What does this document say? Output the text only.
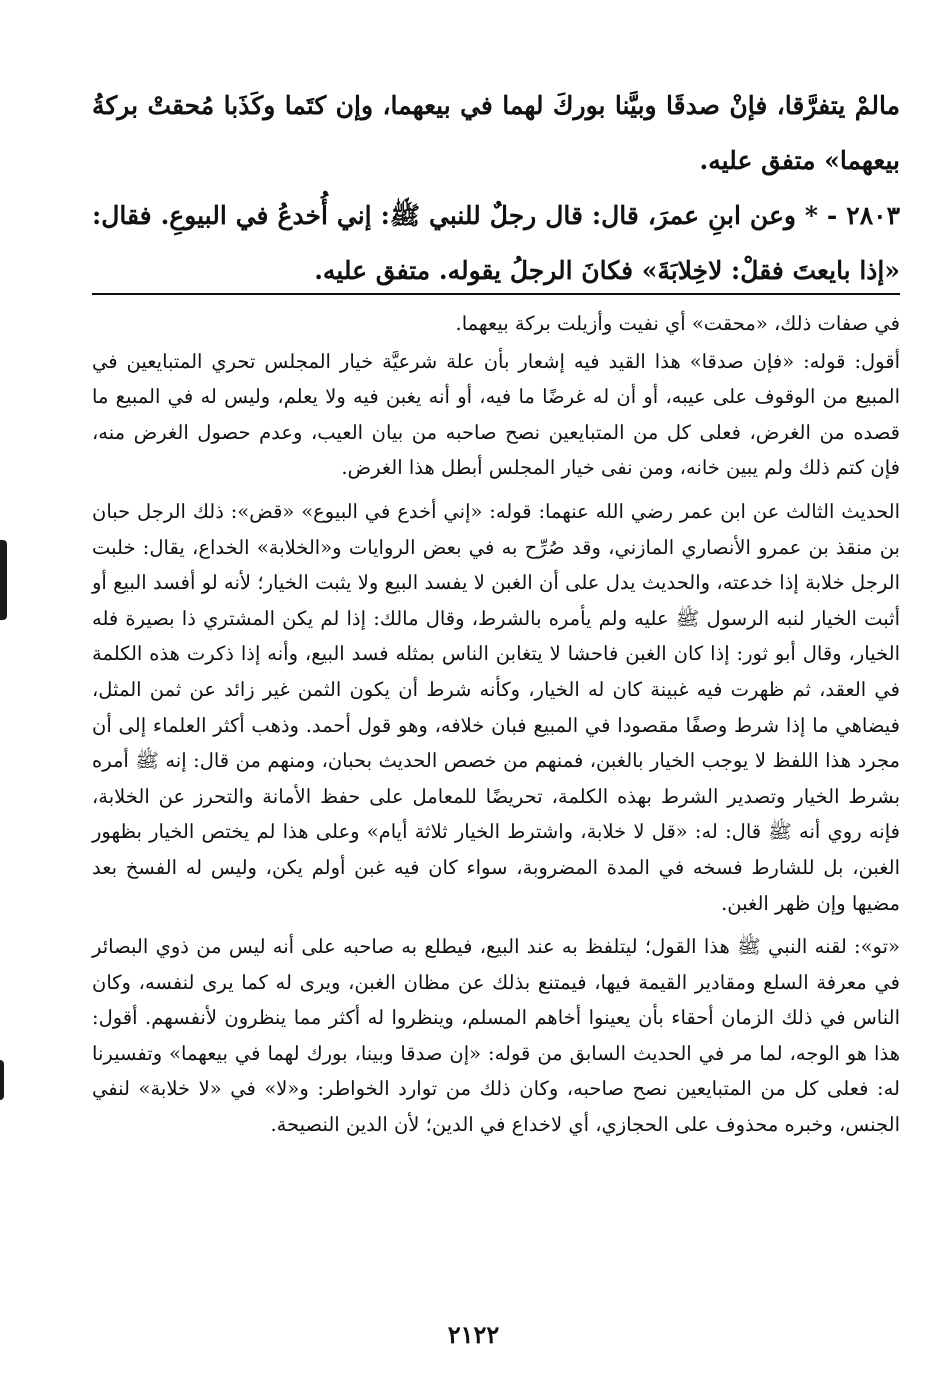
مالمْ يتفرَّقا، فإنْ صدقَا وبيَّنا بوركَ لهما في بيعهما، وإن كتَما وكَذَبا مُحقتْ بركةُ بيعهما» متفق عليه.

٢٨٠٣ - * وعن ابنِ عمرَ، قال: قال رجلٌ للنبي ﷺ: إني أُخدعُ في البيوعِ. فقال: «إذا بايعتَ فقلْ: لاخِلابَةَ» فكانَ الرجلُ يقوله. متفق عليه.

في صفات ذلك، «محقت» أي نفيت وأزيلت بركة بيعهما.

أقول: قوله: «فإن صدقا» هذا القيد فيه إشعار بأن علة شرعيَّة خيار المجلس تحري المتبايعين في المبيع من الوقوف على عيبه، أو أن له غرضًا ما فيه، أو أنه يغبن فيه ولا يعلم، وليس له في المبيع ما قصده من الغرض، فعلى كل من المتبايعين نصح صاحبه من بيان العيب، وعدم حصول الغرض منه، فإن كتم ذلك ولم يبين خانه، ومن نفى خيار المجلس أبطل هذا الغرض.

الحديث الثالث عن ابن عمر رضي الله عنهما: قوله: «إني أخدع في البيوع» «قض»: ذلك الرجل حبان بن منقذ بن عمرو الأنصاري المازني، وقد صُرِّح به في بعض الروايات و«الخلابة» الخداع، يقال: خلبت الرجل خلابة إذا خدعته، والحديث يدل على أن الغبن لا يفسد البيع ولا يثبت الخيار؛ لأنه لو أفسد البيع أو أثبت الخيار لنبه الرسول ﷺ عليه ولم يأمره بالشرط، وقال مالك: إذا لم يكن المشتري ذا بصيرة فله الخيار، وقال أبو ثور: إذا كان الغبن فاحشا لا يتغابن الناس بمثله فسد البيع، وأنه إذا ذكرت هذه الكلمة في العقد، ثم ظهرت فيه غبينة كان له الخيار، وكأنه شرط أن يكون الثمن غير زائد عن ثمن المثل، فيضاهي ما إذا شرط وصفًا مقصودا في المبيع فبان خلافه، وهو قول أحمد. وذهب أكثر العلماء إلى أن مجرد هذا اللفظ لا يوجب الخيار بالغبن، فمنهم من خصص الحديث بحبان، ومنهم من قال: إنه ﷺ أمره بشرط الخيار وتصدير الشرط بهذه الكلمة، تحريضًا للمعامل على حفظ الأمانة والتحرز عن الخلابة، فإنه روي أنه ﷺ قال: له: «قل لا خلابة، واشترط الخيار ثلاثة أيام» وعلى هذا لم يختص الخيار بظهور الغبن، بل للشارط فسخه في المدة المضروبة، سواء كان فيه غبن أولم يكن، وليس له الفسخ بعد مضيها وإن ظهر الغبن.

«تو»: لقنه النبي ﷺ هذا القول؛ ليتلفظ به عند البيع، فيطلع به صاحبه على أنه ليس من ذوي البصائر في معرفة السلع ومقادير القيمة فيها، فيمتنع بذلك عن مظان الغبن، ويرى له كما يرى لنفسه، وكان الناس في ذلك الزمان أحقاء بأن يعينوا أخاهم المسلم، وينظروا له أكثر مما ينظرون لأنفسهم. أقول: هذا هو الوجه، لما مر في الحديث السابق من قوله: «إن صدقا وبينا، بورك لهما في بيعهما» وتفسيرنا له: فعلى كل من المتبايعين نصح صاحبه، وكان ذلك من توارد الخواطر: و«لا» في «لا خلابة» لنفي الجنس، وخبره محذوف على الحجازي، أي لاخداع في الدين؛ لأن الدين النصيحة.

٢١٢٢
